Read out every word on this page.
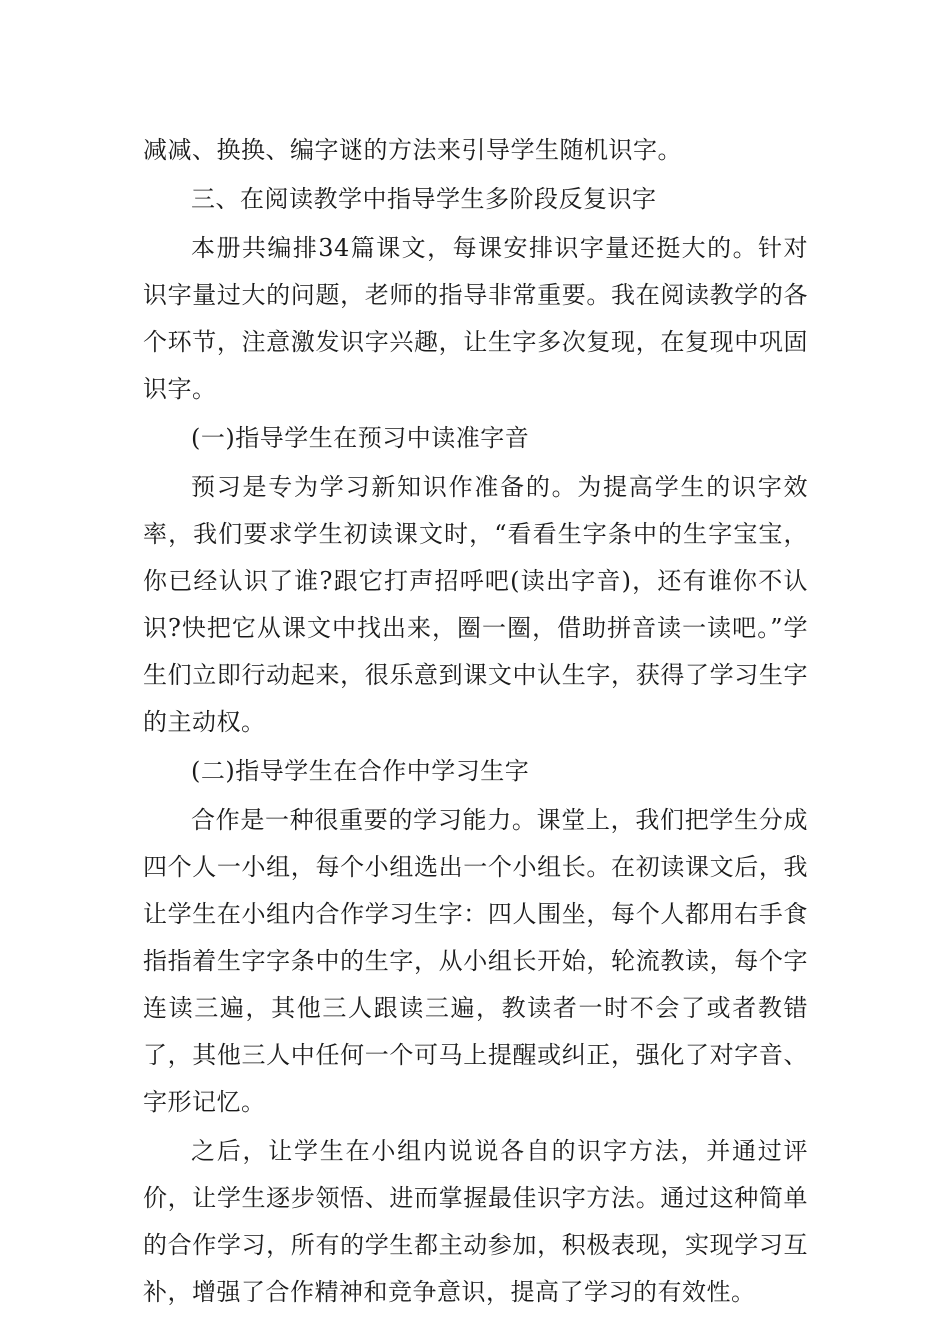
减减、换换、编字谜的方法来引导学生随机识字。

三、在阅读教学中指导学生多阶段反复识字

本册共编排34篇课文，每课安排识字量还挺大的。针对识字量过大的问题，老师的指导非常重要。我在阅读教学的各个环节，注意激发识字兴趣，让生字多次复现，在复现中巩固识字。

(一)指导学生在预习中读准字音

预习是专为学习新知识作准备的。为提高学生的识字效率，我们要求学生初读课文时，“看看生字条中的生字宝宝，你已经认识了谁?跟它打声招呼吧(读出字音)，还有谁你不认识?快把它从课文中找出来，圈一圈，借助拼音读一读吧。”学生们立即行动起来，很乐意到课文中认生字，获得了学习生字的主动权。

(二)指导学生在合作中学习生字

合作是一种很重要的学习能力。课堂上，我们把学生分成四个人一小组，每个小组选出一个小组长。在初读课文后，我让学生在小组内合作学习生字：四人围坐，每个人都用右手食指指着生字字条中的生字，从小组长开始，轮流教读，每个字连读三遍，其他三人跟读三遍，教读者一时不会了或者教错了，其他三人中任何一个可马上提醒或纠正，强化了对字音、字形记忆。

之后，让学生在小组内说说各自的识字方法，并通过评价，让学生逐步领悟、进而掌握最佳识字方法。通过这种简单的合作学习，所有的学生都主动参加，积极表现，实现学习互补，增强了合作精神和竞争意识，提高了学习的有效性。
